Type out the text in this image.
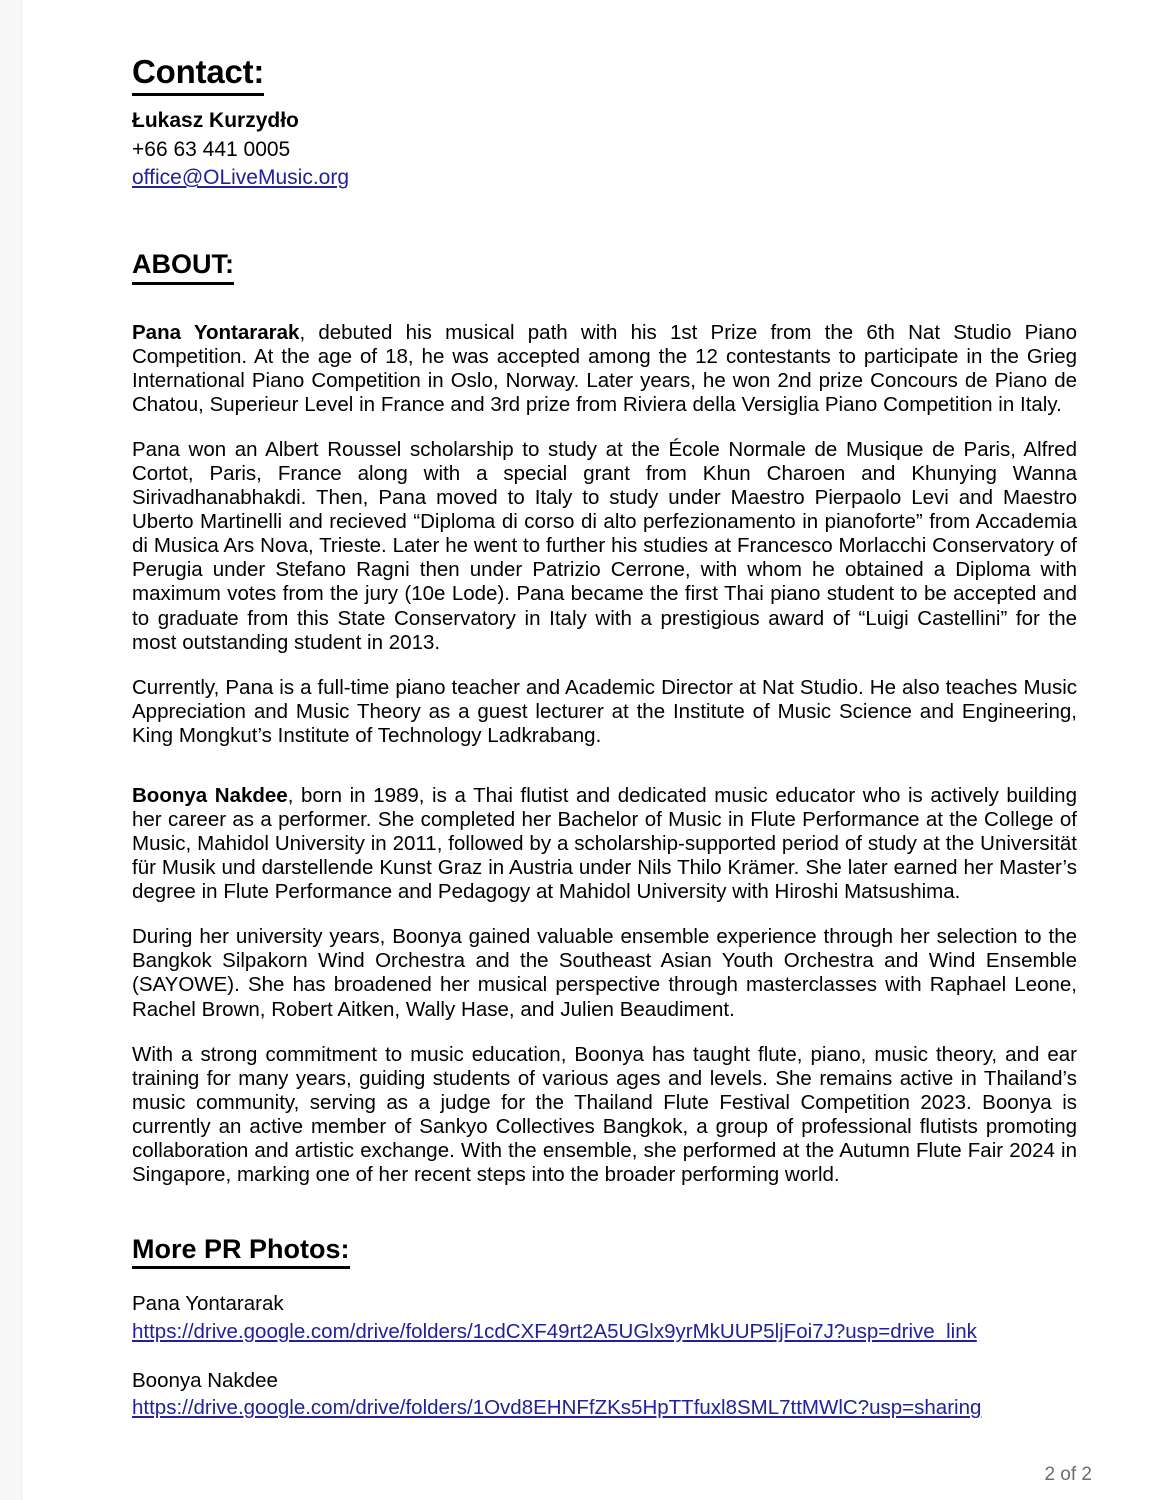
Contact:
Łukasz Kurzydło
+66 63 441 0005
office@OLiveMusic.org
ABOUT:

Pana Yontararak, debuted his musical path with his 1st Prize from the 6th Nat Studio Piano Competition. At the age of 18, he was accepted among the 12 contestants to participate in the Grieg International Piano Competition in Oslo, Norway. Later years, he won 2nd prize Concours de Piano de Chatou, Superieur Level in France and 3rd prize from Riviera della Versiglia Piano Competition in Italy.

Pana won an Albert Roussel scholarship to study at the École Normale de Musique de Paris, Alfred Cortot, Paris, France along with a special grant from Khun Charoen and Khunying Wanna Sirivadhanabhakdi. Then, Pana moved to Italy to study under Maestro Pierpaolo Levi and Maestro Uberto Martinelli and recieved “Diploma di corso di alto perfezionamento in pianoforte” from Accademia di Musica Ars Nova, Trieste. Later he went to further his studies at Francesco Morlacchi Conservatory of Perugia under Stefano Ragni then under Patrizio Cerrone, with whom he obtained a Diploma with maximum votes from the jury (10e Lode). Pana became the first Thai piano student to be accepted and to graduate from this State Conservatory in Italy with a prestigious award of “Luigi Castellini” for the most outstanding student in 2013.

Currently, Pana is a full-time piano teacher and Academic Director at Nat Studio. He also teaches Music Appreciation and Music Theory as a guest lecturer at the Institute of Music Science and Engineering, King Mongkut’s Institute of Technology Ladkrabang.

Boonya Nakdee, born in 1989, is a Thai flutist and dedicated music educator who is actively building her career as a performer. She completed her Bachelor of Music in Flute Performance at the College of Music, Mahidol University in 2011, followed by a scholarship-supported period of study at the Universität für Musik und darstellende Kunst Graz in Austria under Nils Thilo Krämer. She later earned her Master’s degree in Flute Performance and Pedagogy at Mahidol University with Hiroshi Matsushima.

During her university years, Boonya gained valuable ensemble experience through her selection to the Bangkok Silpakorn Wind Orchestra and the Southeast Asian Youth Orchestra and Wind Ensemble (SAYOWE). She has broadened her musical perspective through masterclasses with Raphael Leone, Rachel Brown, Robert Aitken, Wally Hase, and Julien Beaudiment.

With a strong commitment to music education, Boonya has taught flute, piano, music theory, and ear training for many years, guiding students of various ages and levels. She remains active in Thailand’s music community, serving as a judge for the Thailand Flute Festival Competition 2023. Boonya is currently an active member of Sankyo Collectives Bangkok, a group of professional flutists promoting collaboration and artistic exchange. With the ensemble, she performed at the Autumn Flute Fair 2024 in Singapore, marking one of her recent steps into the broader performing world.

More PR Photos:
Pana Yontararak
https://drive.google.com/drive/folders/1cdCXF49rt2A5UGlx9yrMkUUP5ljFoi7J?usp=drive_link
Boonya Nakdee
https://drive.google.com/drive/folders/1Ovd8EHNFfZKs5HpTTfuxl8SML7ttMWlC?usp=sharing
2 of 2
